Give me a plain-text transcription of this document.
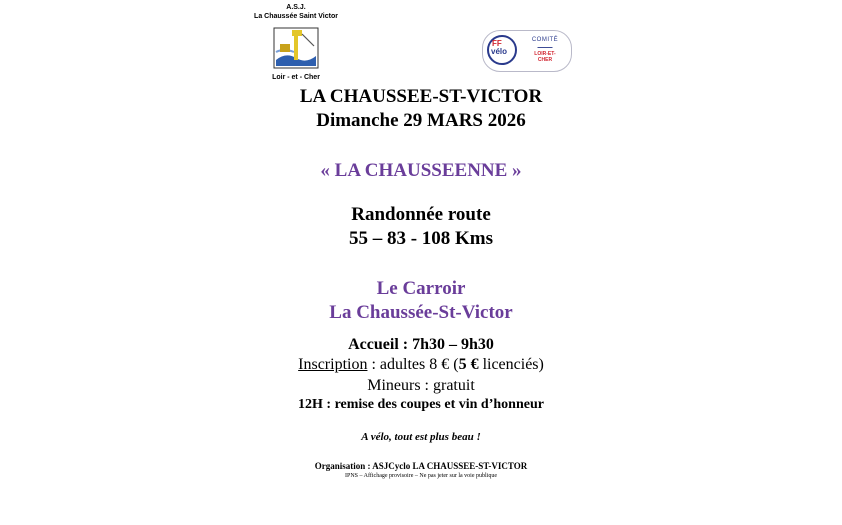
A.S.J.
La Chaussée Saint Victor
Loir - et - Cher
FF
vélo
COMITÉ
▬▬▬▬▬
LOIR-ET-
CHER
LA CHAUSSEE-ST-VICTOR
Dimanche 29 MARS 2026
« LA CHAUSSEENNE »
Randonnée route
55 – 83 - 108 Kms
Le Carroir
La Chaussée-St-Victor
Accueil : 7h30 – 9h30
Inscription : adultes 8 € (5 € licenciés)
Mineurs : gratuit
12H : remise des coupes et vin d’honneur
A vélo, tout est plus beau !
Organisation : ASJCyclo LA CHAUSSEE-ST-VICTOR
IPNS – Affichage provisoire – Ne pas jeter sur la voie publique
